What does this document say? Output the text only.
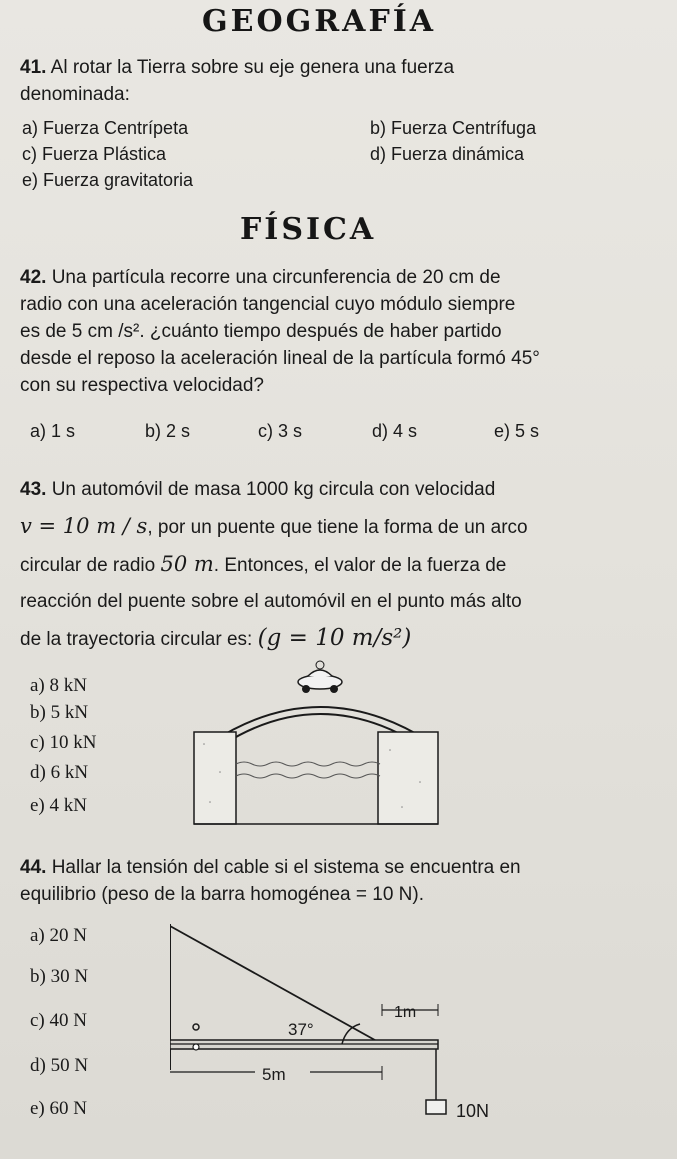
GEOGRAFÍA
41. Al rotar la Tierra sobre su eje genera una fuerza
denominada:
a) Fuerza Centrípeta	b) Fuerza Centrífuga
c) Fuerza Plástica	d) Fuerza dinámica
e) Fuerza gravitatoria
FÍSICA
42. Una partícula recorre una circunferencia de 20 cm de
radio con una aceleración tangencial cuyo módulo siempre
es de 5 cm /s². ¿cuánto tiempo después de haber partido
desde el reposo la aceleración lineal de la partícula formó 45°
con su respectiva velocidad?
a) 1 s	b) 2 s	c) 3 s	d) 4 s	e) 5 s
43. Un automóvil de masa 1000 kg circula con velocidad
v = 10 m / s, por un puente que tiene la forma de un arco
circular de radio 50 m. Entonces, el valor de la fuerza de
reacción del puente sobre el automóvil en el punto más alto
de la trayectoria circular es: (g = 10 m/s²)
a) 8 kN
b) 5 kN
c) 10 kN
d) 6 kN
e) 4 kN
44. Hallar la tensión del cable si el sistema se encuentra en
equilibrio (peso de la barra homogénea = 10 N).
a) 20 N
b) 30 N
c) 40 N
d) 50 N
e) 60 N
37°
1m
5m
10N
